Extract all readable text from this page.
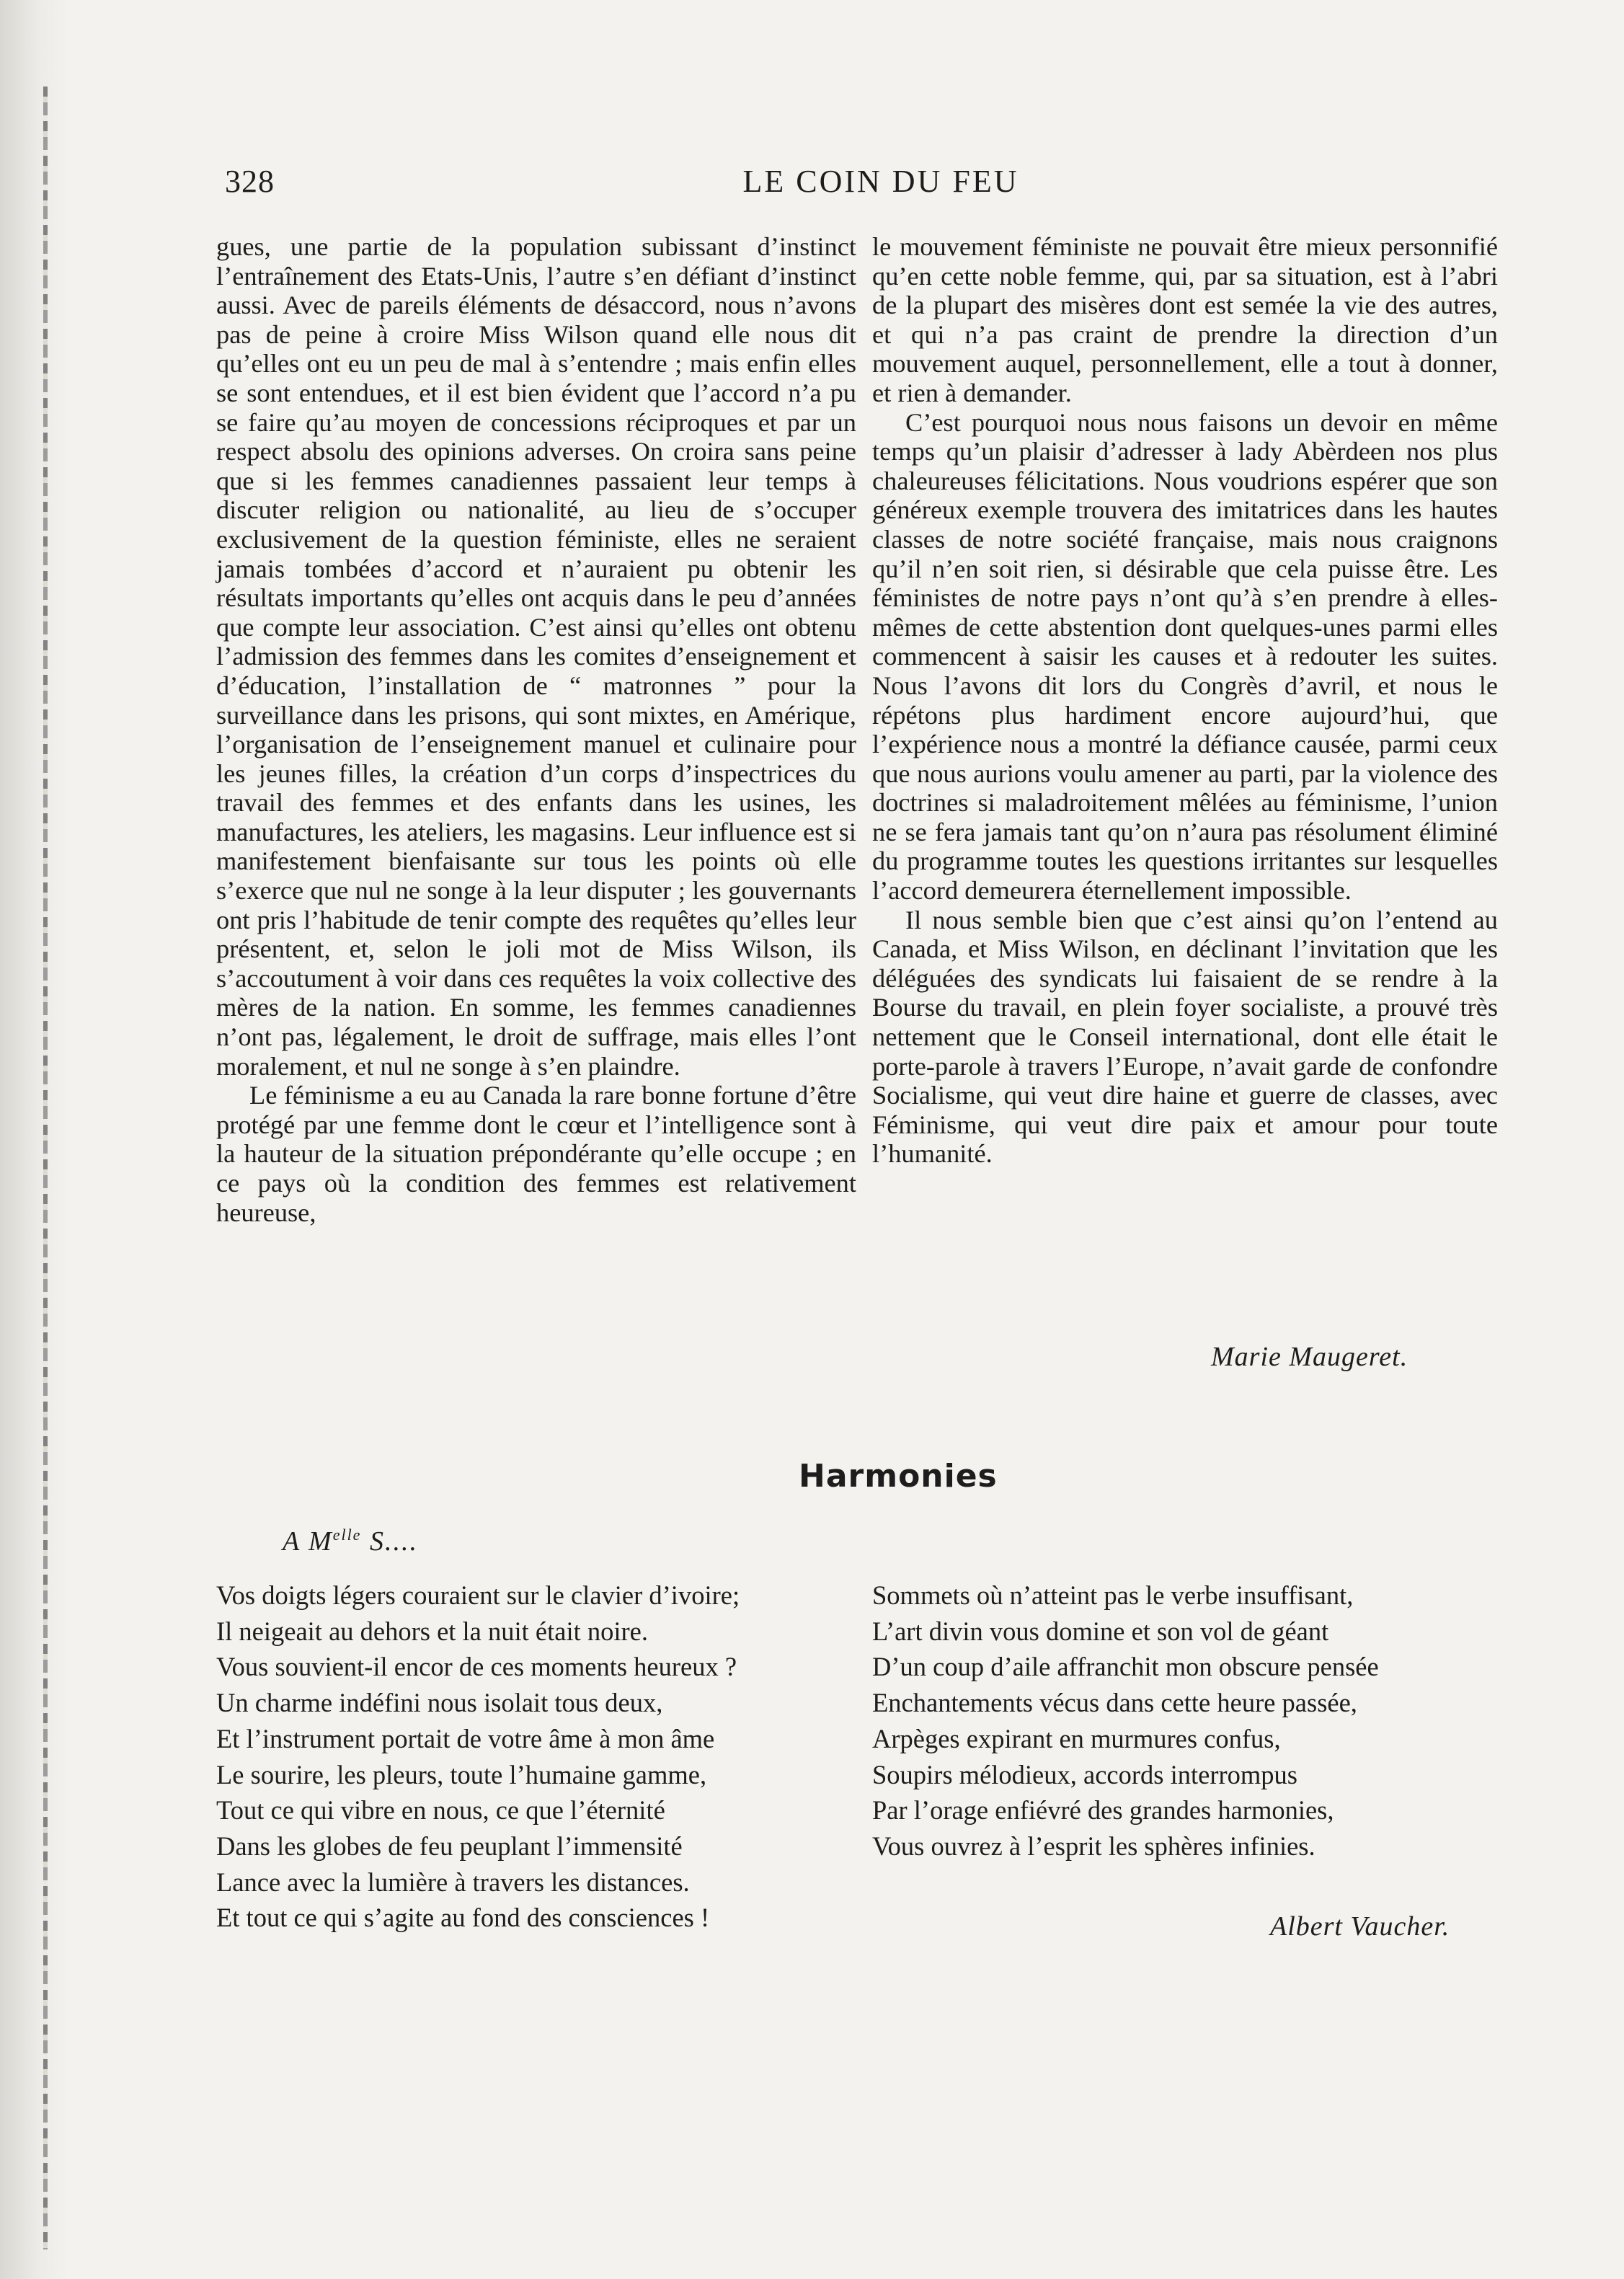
328	LE COIN DU FEU

gues, une partie de la population subissant d’instinct l’entraînement des Etats-Unis, l’autre s’en défiant d’instinct aussi. Avec de pareils éléments de désaccord, nous n’avons pas de peine à croire Miss Wilson quand elle nous dit qu’elles ont eu un peu de mal à s’entendre ; mais enfin elles se sont entendues, et il est bien évident que l’accord n’a pu se faire qu’au moyen de concessions réciproques et par un respect absolu des opinions adverses. On croira sans peine que si les femmes canadiennes passaient leur temps à discuter religion ou nationalité, au lieu de s’occuper exclusivement de la question féministe, elles ne seraient jamais tombées d’accord et n’auraient pu obtenir les résultats importants qu’elles ont acquis dans le peu d’années que compte leur association. C’est ainsi qu’elles ont obtenu l’admission des femmes dans les comites d’enseignement et d’éducation, l’installation de “ matronnes ” pour la surveillance dans les prisons, qui sont mixtes, en Amérique, l’organisation de l’enseignement manuel et culinaire pour les jeunes filles, la création d’un corps d’inspectrices du travail des femmes et des enfants dans les usines, les manufactures, les ateliers, les magasins. Leur influence est si manifestement bienfaisante sur tous les points où elle s’exerce que nul ne songe à la leur disputer ; les gouvernants ont pris l’habitude de tenir compte des requêtes qu’elles leur présentent, et, selon le joli mot de Miss Wilson, ils s’accoutument à voir dans ces requêtes la voix collective des mères de la nation. En somme, les femmes canadiennes n’ont pas, légalement, le droit de suffrage, mais elles l’ont moralement, et nul ne songe à s’en plaindre.

Le féminisme a eu au Canada la rare bonne fortune d’être protégé par une femme dont le cœur et l’intelligence sont à la hauteur de la situation prépondérante qu’elle occupe ; en ce pays où la condition des femmes est relativement heureuse,

le mouvement féministe ne pouvait être mieux personnifié qu’en cette noble femme, qui, par sa situation, est à l’abri de la plupart des misères dont est semée la vie des autres, et qui n’a pas craint de prendre la direction d’un mouvement auquel, personnellement, elle a tout à donner, et rien à demander.

C’est pourquoi nous nous faisons un devoir en même temps qu’un plaisir d’adresser à lady Abèrdeen nos plus chaleureuses félicitations. Nous voudrions espérer que son généreux exemple trouvera des imitatrices dans les hautes classes de notre société française, mais nous craignons qu’il n’en soit rien, si désirable que cela puisse être. Les féministes de notre pays n’ont qu’à s’en prendre à elles-mêmes de cette abstention dont quelques-unes parmi elles commencent à saisir les causes et à redouter les suites. Nous l’avons dit lors du Congrès d’avril, et nous le répétons plus hardiment encore aujourd’hui, que l’expérience nous a montré la défiance causée, parmi ceux que nous aurions voulu amener au parti, par la violence des doctrines si maladroitement mêlées au féminisme, l’union ne se fera jamais tant qu’on n’aura pas résolument éliminé du programme toutes les questions irritantes sur lesquelles l’accord demeurera éternellement impossible.

Il nous semble bien que c’est ainsi qu’on l’entend au Canada, et Miss Wilson, en déclinant l’invitation que les déléguées des syndicats lui faisaient de se rendre à la Bourse du travail, en plein foyer socialiste, a prouvé très nettement que le Conseil international, dont elle était le porte-parole à travers l’Europe, n’avait garde de confondre Socialisme, qui veut dire haine et guerre de classes, avec Féminisme, qui veut dire paix et amour pour toute l’humanité.

Marie Maugeret.
Harmonies
A $M^{elle}$ S....
Vos doigts légers couraient sur le clavier d’ivoire;
Il neigeait au dehors et la nuit était noire.
Vous souvient-il encor de ces moments heureux ?
Un charme indéfini nous isolait tous deux,
Et l’instrument portait de votre âme à mon âme
Le sourire, les pleurs, toute l’humaine gamme,
Tout ce qui vibre en nous, ce que l’éternité
Dans les globes de feu peuplant l’immensité
Lance avec la lumière à travers les distances.
Et tout ce qui s’agite au fond des consciences !
Sommets où n’atteint pas le verbe insuffisant,
L’art divin vous domine et son vol de géant
D’un coup d’aile affranchit mon obscure pensée
Enchantements vécus dans cette heure passée,
Arpèges expirant en murmures confus,
Soupirs mélodieux, accords interrompus
Par l’orage enfiévré des grandes harmonies,
Vous ouvrez à l’esprit les sphères infinies.
Albert Vaucher.
